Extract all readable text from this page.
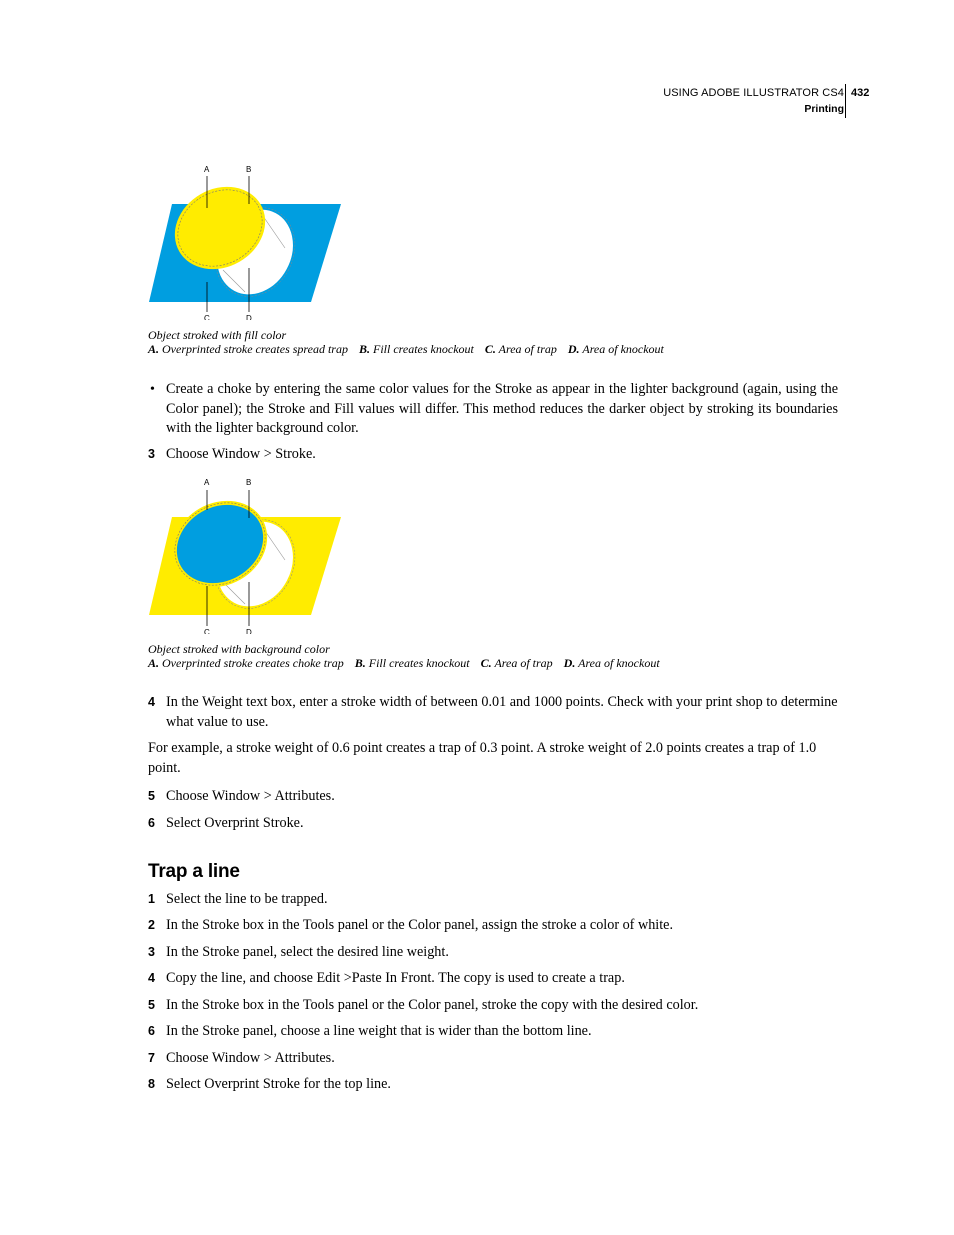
USING ADOBE ILLUSTRATOR CS4
Printing
432
A	B
C	D
Object stroked with fill color
A. Overprinted stroke creates spread trap B. Fill creates knockout C. Area of trap D. Area of knockout
• Create a choke by entering the same color values for the Stroke as appear in the lighter background (again, using the Color panel); the Stroke and Fill values will differ. This method reduces the darker object by stroking its boundaries with the lighter background color.
3 Choose Window > Stroke.
A	B
C	D
Object stroked with background color
A. Overprinted stroke creates choke trap B. Fill creates knockout C. Area of trap D. Area of knockout
4 In the Weight text box, enter a stroke width of between 0.01 and 1000 points. Check with your print shop to determine what value to use.
For example, a stroke weight of 0.6 point creates a trap of 0.3 point. A stroke weight of 2.0 points creates a trap of 1.0 point.
5 Choose Window > Attributes.
6 Select Overprint Stroke.
Trap a line
1 Select the line to be trapped.
2 In the Stroke box in the Tools panel or the Color panel, assign the stroke a color of white.
3 In the Stroke panel, select the desired line weight.
4 Copy the line, and choose Edit >Paste In Front. The copy is used to create a trap.
5 In the Stroke box in the Tools panel or the Color panel, stroke the copy with the desired color.
6 In the Stroke panel, choose a line weight that is wider than the bottom line.
7 Choose Window > Attributes.
8 Select Overprint Stroke for the top line.
